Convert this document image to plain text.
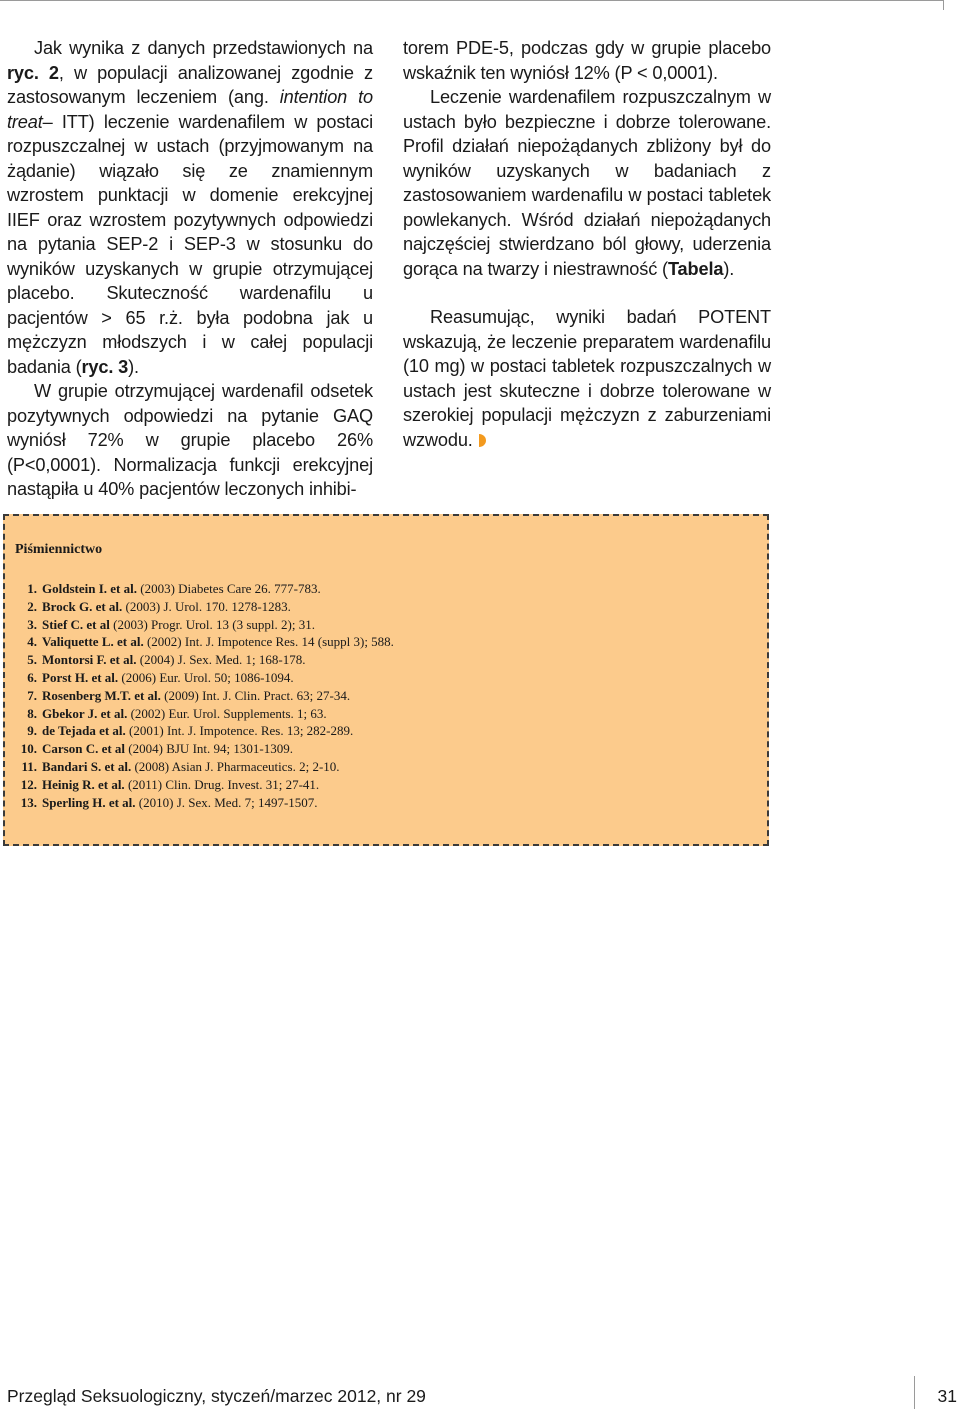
Jak wynika z danych przedstawionych na ryc. 2, w populacji analizowanej zgodnie z zastosowanym leczeniem (ang. intention to treat– ITT) leczenie wardenafilem w postaci rozpuszczalnej w ustach (przyjmowanym na żądanie) wiązało się ze znamiennym wzrostem punktacji w domenie erekcyjnej IIEF oraz wzrostem pozytywnych odpowiedzi na pytania SEP-2 i SEP-3 w stosunku do wyników uzyskanych w grupie otrzymującej placebo. Skuteczność wardenafilu u pacjentów > 65 r.ż. była podobna jak u mężczyzn młodszych i w całej populacji badania (ryc. 3).

W grupie otrzymującej wardenafil odsetek pozytywnych odpowiedzi na pytanie GAQ wyniósł 72% w grupie placebo 26% (P<0,0001). Normalizacja funkcji erekcyjnej nastąpiła u 40% pacjentów leczonych inhibi-

torem PDE-5, podczas gdy w grupie placebo wskaźnik ten wyniósł 12% (P < 0,0001).

Leczenie wardenafilem rozpuszczalnym w ustach było bezpieczne i dobrze tolerowane. Profil działań niepożądanych zbliżony był do wyników uzyskanych w badaniach z zastosowaniem wardenafilu w postaci tabletek powlekanych. Wśród działań niepożądanych najczęściej stwierdzano ból głowy, uderzenia gorąca na twarzy i niestrawność (Tabela).

Reasumując, wyniki badań POTENT wskazują, że leczenie preparatem wardenafilu (10 mg) w postaci tabletek rozpuszczalnych w ustach jest skuteczne i dobrze tolerowane w szerokiej populacji mężczyzn z zaburzeniami wzwodu.

Piśmiennictwo
1. Goldstein I. et al. (2003) Diabetes Care 26. 777-783.
2. Brock G. et al. (2003) J. Urol. 170. 1278-1283.
3. Stief C. et al (2003) Progr. Urol. 13 (3 suppl. 2); 31.
4. Valiquette L. et al. (2002) Int. J. Impotence Res. 14 (suppl 3); 588.
5. Montorsi F. et al. (2004) J. Sex. Med. 1; 168-178.
6. Porst H. et al. (2006) Eur. Urol. 50; 1086-1094.
7. Rosenberg M.T. et al. (2009) Int. J. Clin. Pract. 63; 27-34.
8. Gbekor J. et al. (2002) Eur. Urol. Supplements. 1; 63.
9. de Tejada et al. (2001) Int. J. Impotence. Res. 13; 282-289.
10. Carson C. et al (2004) BJU Int. 94; 1301-1309.
11. Bandari S. et al. (2008) Asian J. Pharmaceutics. 2; 2-10.
12. Heinig R. et al. (2011) Clin. Drug. Invest. 31; 27-41.
13. Sperling H. et al. (2010) J. Sex. Med. 7; 1497-1507.
Przegląd Seksuologiczny, styczeń/marzec 2012, nr 29	31
